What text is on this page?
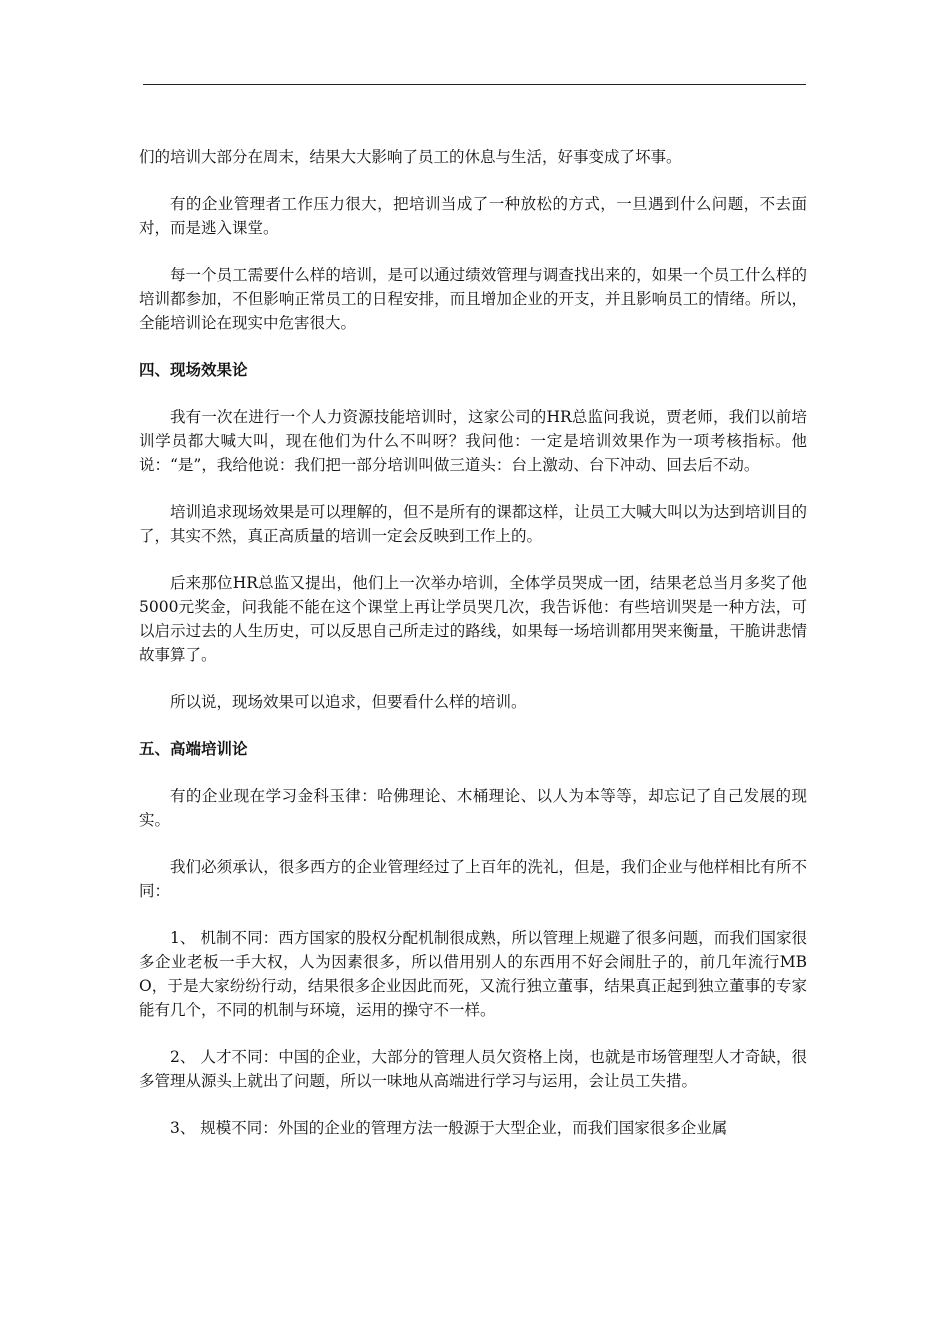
们的培训大部分在周末，结果大大影响了员工的休息与生活，好事变成了坏事。

有的企业管理者工作压力很大，把培训当成了一种放松的方式，一旦遇到什么问题，不去面对，而是逃入课堂。

每一个员工需要什么样的培训，是可以通过绩效管理与调查找出来的，如果一个员工什么样的培训都参加，不但影响正常员工的日程安排，而且增加企业的开支，并且影响员工的情绪。所以，全能培训论在现实中危害很大。

四、现场效果论

我有一次在进行一个人力资源技能培训时，这家公司的HR总监问我说，贾老师，我们以前培训学员都大喊大叫，现在他们为什么不叫呀？我问他：一定是培训效果作为一项考核指标。他说：“是”，我给他说：我们把一部分培训叫做三道头：台上激动、台下冲动、回去后不动。

培训追求现场效果是可以理解的，但不是所有的课都这样，让员工大喊大叫以为达到培训目的了，其实不然，真正高质量的培训一定会反映到工作上的。

后来那位HR总监又提出，他们上一次举办培训，全体学员哭成一团，结果老总当月多奖了他5000元奖金，问我能不能在这个课堂上再让学员哭几次，我告诉他：有些培训哭是一种方法，可以启示过去的人生历史，可以反思自己所走过的路线，如果每一场培训都用哭来衡量，干脆讲悲情故事算了。

所以说，现场效果可以追求，但要看什么样的培训。

五、高端培训论

有的企业现在学习金科玉律：哈佛理论、木桶理论、以人为本等等，却忘记了自己发展的现实。

我们必须承认，很多西方的企业管理经过了上百年的洗礼，但是，我们企业与他样相比有所不同：

1、 机制不同：西方国家的股权分配机制很成熟，所以管理上规避了很多问题，而我们国家很多企业老板一手大权，人为因素很多，所以借用别人的东西用不好会闹肚子的，前几年流行MBO，于是大家纷纷行动，结果很多企业因此而死，又流行独立董事，结果真正起到独立董事的专家能有几个，不同的机制与环境，运用的操守不一样。

2、 人才不同：中国的企业，大部分的管理人员欠资格上岗，也就是市场管理型人才奇缺，很多管理从源头上就出了问题，所以一味地从高端进行学习与运用，会让员工失措。

3、 规模不同：外国的企业的管理方法一般源于大型企业，而我们国家很多企业属
